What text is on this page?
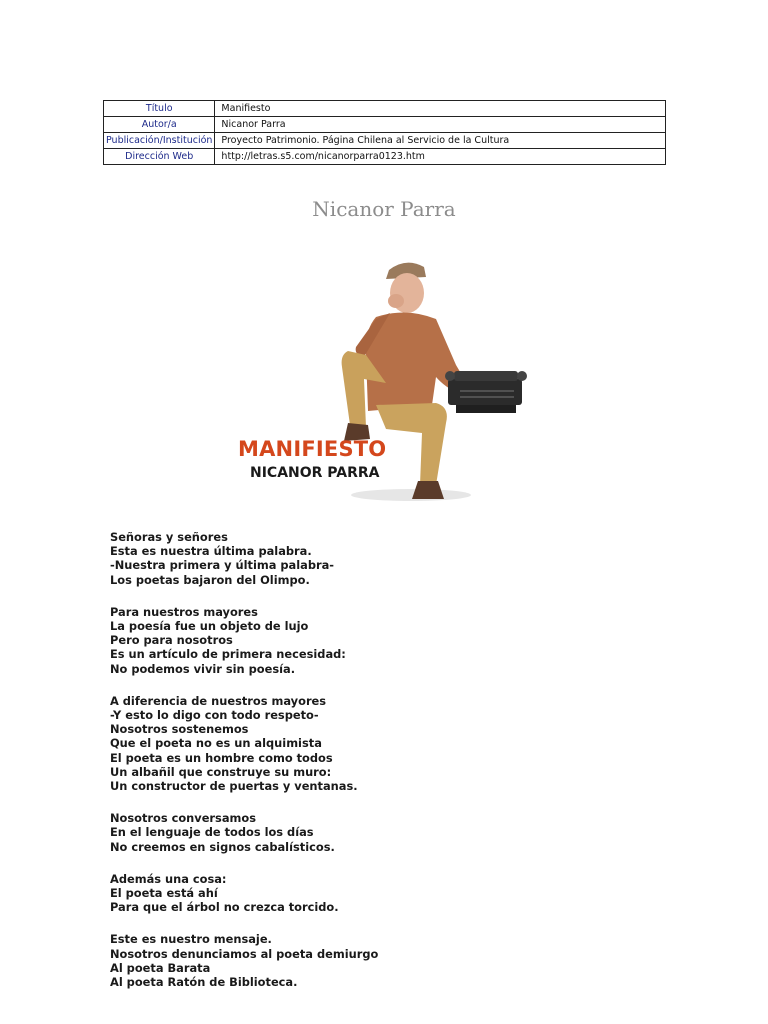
Título	Manifiesto
Autor/a	Nicanor Parra
Publicación/Institución	Proyecto Patrimonio. Página Chilena al Servicio de la Cultura
Dirección Web	http://letras.s5.com/nicanorparra0123.htm
Nicanor Parra
MANIFIESTO
NICANOR PARRA
Señoras y señores
Esta es nuestra última palabra.
-Nuestra primera y última palabra-
Los poetas bajaron del Olimpo.
Para nuestros mayores
La poesía fue un objeto de lujo
Pero para nosotros
Es un artículo de primera necesidad:
No podemos vivir sin poesía.
A diferencia de nuestros mayores
-Y esto lo digo con todo respeto-
Nosotros sostenemos
Que el poeta no es un alquimista
El poeta es un hombre como todos
Un albañil que construye su muro:
Un constructor de puertas y ventanas.
Nosotros conversamos
En el lenguaje de todos los días
No creemos en signos cabalísticos.
Además una cosa:
El poeta está ahí
Para que el árbol no crezca torcido.
Este es nuestro mensaje.
Nosotros denunciamos al poeta demiurgo
Al poeta Barata
Al poeta Ratón de Biblioteca.
